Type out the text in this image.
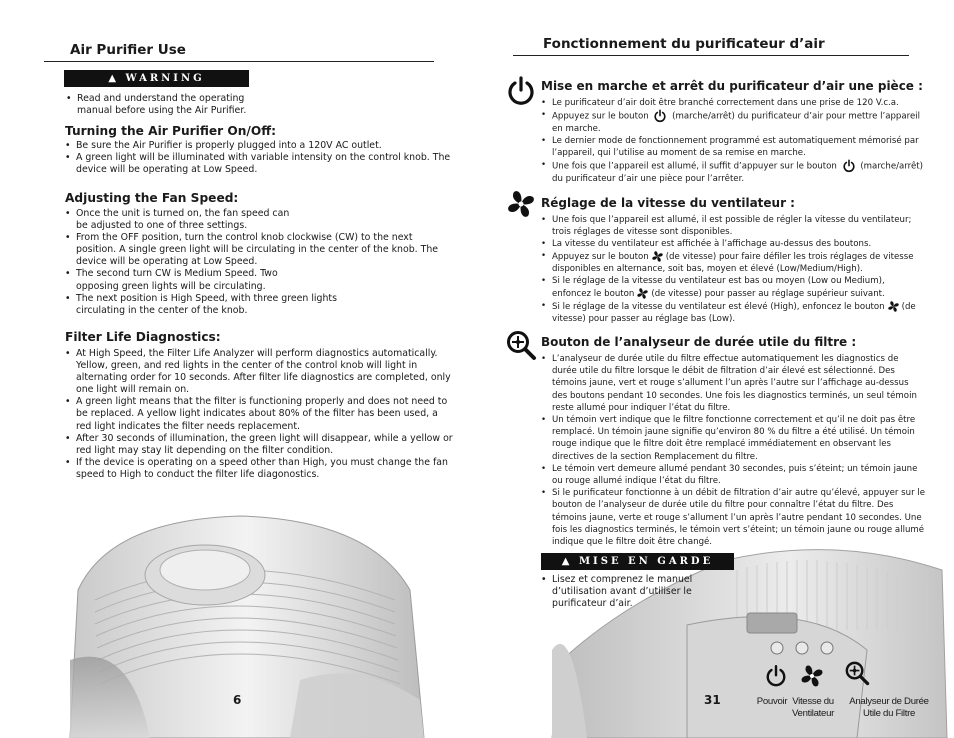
Air Purifier Use
▲ WARNING
• Read and understand the operating manual before using the Air Purifier.
Turning the Air Purifier On/Off:
• Be sure the Air Purifier is properly plugged into a 120V AC outlet.
• A green light will be illuminated with variable intensity on the control knob. The device will be operating at Low Speed.
Adjusting the Fan Speed:
• Once the unit is turned on, the fan speed can be adjusted to one of three settings.
• From the OFF position, turn the control knob clockwise (CW) to the next position. A single green light will be circulating in the center of the knob. The device will be operating at Low Speed.
• The second turn CW is Medium Speed. Two opposing green lights will be circulating.
• The next position is High Speed, with three green lights circulating in the center of the knob.
Filter Life Diagnostics:
• At High Speed, the Filter Life Analyzer will perform diagnostics automatically. Yellow, green, and red lights in the center of the control knob will light in alternating order for 10 seconds. After filter life diagnostics are completed, only one light will remain on.
• A green light means that the filter is functioning properly and does not need to be replaced. A yellow light indicates about 80% of the filter has been used, a red light indicates the filter needs replacement.
• After 30 seconds of illumination, the green light will disappear, while a yellow or red light may stay lit depending on the filter condition.
• If the device is operating on a speed other than High, you must change the fan speed to High to conduct the filter life diagonostics.
6
Fonctionnement du purificateur d’air
Mise en marche et arrêt du purificateur d’air une pièce :
• Le purificateur d’air doit être branché correctement dans une prise de 120 V.c.a.
• Appuyez sur le bouton	(marche/arrêt) du purificateur d’air pour mettre l’appareil en marche.
• Le dernier mode de fonctionnement programmé est automatiquement mémorisé par l’appareil, qui l’utilise au moment de sa remise en marche.
• Une fois que l’appareil est allumé, il suffit d’appuyer sur le bouton	(marche/arrêt) du purificateur d’air une pièce pour l’arrêter.
Réglage de la vitesse du ventilateur :
• Une fois que l’appareil est allumé, il est possible de régler la vitesse du ventilateur; trois réglages de vitesse sont disponibles.
• La vitesse du ventilateur est affichée à l’affichage au-dessus des boutons.
• Appuyez sur le bouton (de vitesse) pour faire défiler les trois réglages de vitesse disponibles en alternance, soit bas, moyen et élevé (Low/Medium/High).
• Si le réglage de la vitesse du ventilateur est bas ou moyen (Low ou Medium), enfoncez le bouton (de vitesse) pour passer au réglage supérieur suivant.
• Si le réglage de la vitesse du ventilateur est élevé (High), enfoncez le bouton (de vitesse) pour passer au réglage bas (Low).
Bouton de l’analyseur de durée utile du filtre :
• L’analyseur de durée utile du filtre effectue automatiquement les diagnostics de durée utile du filtre lorsque le débit de filtration d’air élevé est sélectionné. Des témoins jaune, vert et rouge s’allument l’un après l’autre sur l’affichage au-dessus des boutons pendant 10 secondes. Une fois les diagnostics terminés, un seul témoin reste allumé pour indiquer l’état du filtre.
• Un témoin vert indique que le filtre fonctionne correctement et qu’il ne doit pas être remplacé. Un témoin jaune signifie qu’environ 80 % du filtre a été utilisé. Un témoin rouge indique que le filtre doit être remplacé immédiatement en observant les directives de la section Remplacement du filtre.
• Le témoin vert demeure allumé pendant 30 secondes, puis s’éteint; un témoin jaune ou rouge allumé indique l’état du filtre.
• Si le purificateur fonctionne à un débit de filtration d’air autre qu’élevé, appuyer sur le bouton de l’analyseur de durée utile du filtre pour connaître l’état du filtre. Des témoins jaune, verte et rouge s’allument l’un après l’autre pendant 10 secondes. Une fois les diagnostics terminés, le témoin vert s’éteint; un témoin jaune ou rouge allumé indique que le filtre doit être changé.
▲ MISE EN GARDE
• Lisez et comprenez le manuel d’utilisation avant d’utiliser le purificateur d’air.
31	Pouvoir Vitesse du
Ventilateur
Analyseur de Durée
Utile du Filtre
